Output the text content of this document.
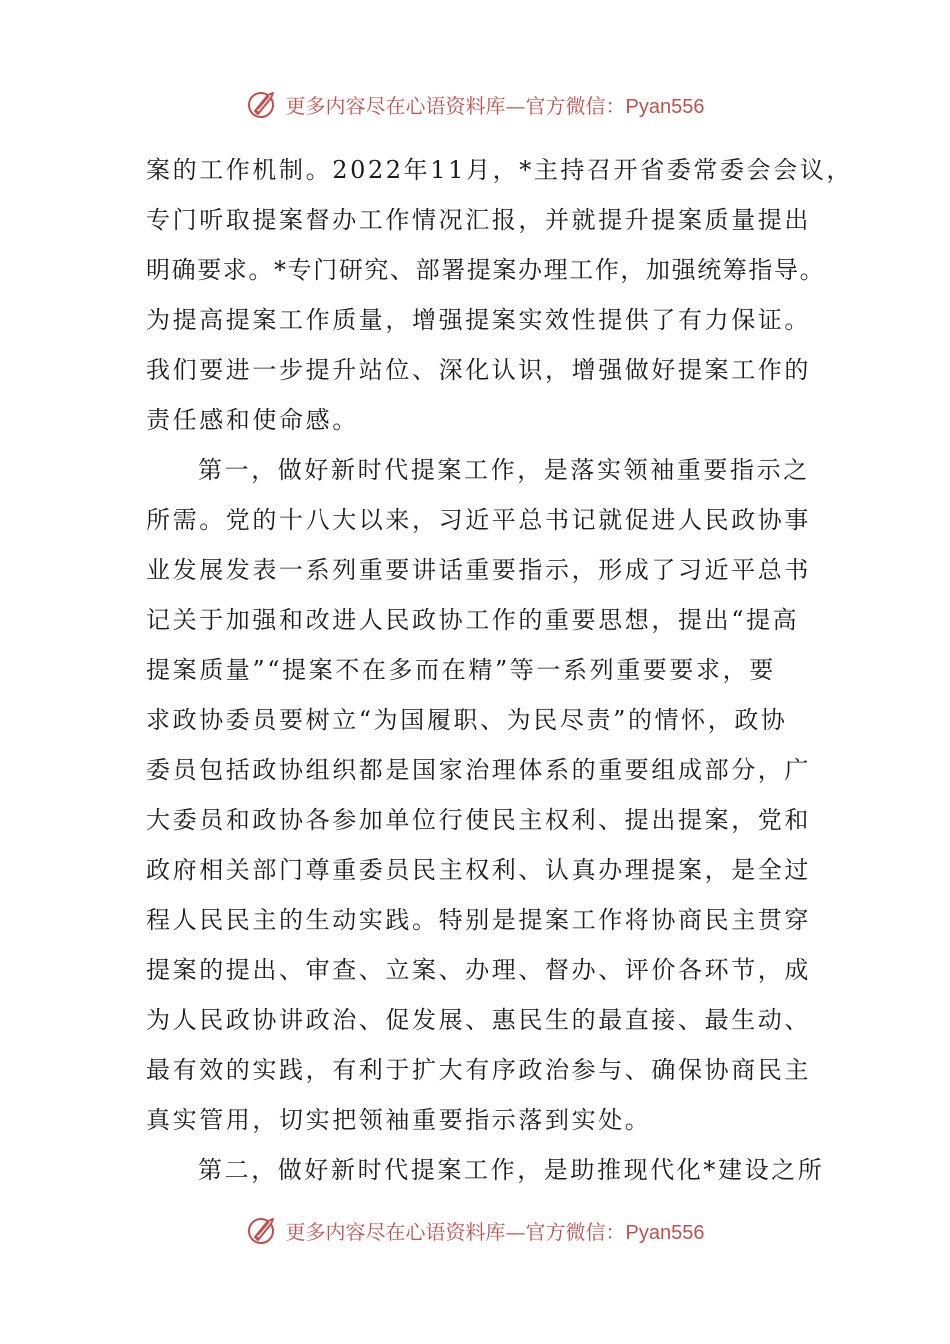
更多内容尽在心语资料库—官方微信：Pyan556
案的工作机制。2022年11月，*主持召开省委常委会会议，
专门听取提案督办工作情况汇报，并就提升提案质量提出
明确要求。*专门研究、部署提案办理工作，加强统筹指导。
为提高提案工作质量，增强提案实效性提供了有力保证。
我们要进一步提升站位、深化认识，增强做好提案工作的
责任感和使命感。
第一，做好新时代提案工作，是落实领袖重要指示之
所需。党的十八大以来，习近平总书记就促进人民政协事
业发展发表一系列重要讲话重要指示，形成了习近平总书
记关于加强和改进人民政协工作的重要思想，提出“提高
提案质量”“提案不在多而在精”等一系列重要要求，要
求政协委员要树立“为国履职、为民尽责”的情怀，政协
委员包括政协组织都是国家治理体系的重要组成部分，广
大委员和政协各参加单位行使民主权利、提出提案，党和
政府相关部门尊重委员民主权利、认真办理提案，是全过
程人民民主的生动实践。特别是提案工作将协商民主贯穿
提案的提出、审查、立案、办理、督办、评价各环节，成
为人民政协讲政治、促发展、惠民生的最直接、最生动、
最有效的实践，有利于扩大有序政治参与、确保协商民主
真实管用，切实把领袖重要指示落到实处。
第二，做好新时代提案工作，是助推现代化*建设之所
更多内容尽在心语资料库—官方微信：Pyan556
